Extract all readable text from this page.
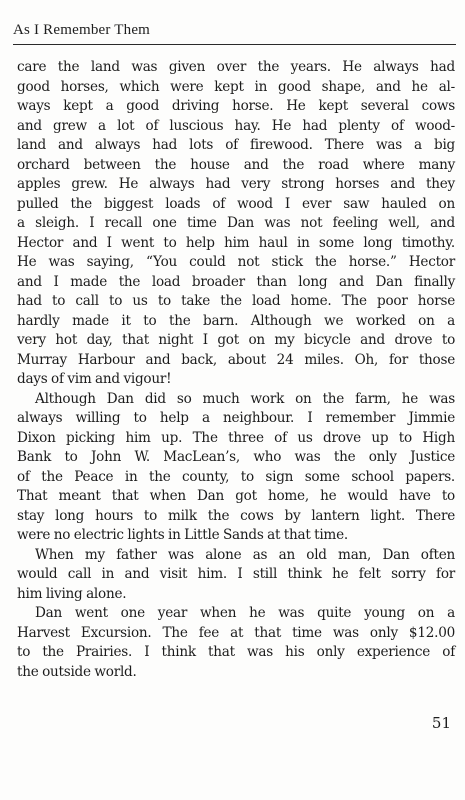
As I Remember Them
care the land was given over the years. He always had
good horses, which were kept in good shape, and he al-
ways kept a good driving horse. He kept several cows
and grew a lot of luscious hay. He had plenty of wood-
land and always had lots of firewood. There was a big
orchard between the house and the road where many
apples grew. He always had very strong horses and they
pulled the biggest loads of wood I ever saw hauled on
a sleigh. I recall one time Dan was not feeling well, and
Hector and I went to help him haul in some long timothy.
He was saying, “You could not stick the horse.” Hector
and I made the load broader than long and Dan finally
had to call to us to take the load home. The poor horse
hardly made it to the barn. Although we worked on a
very hot day, that night I got on my bicycle and drove to
Murray Harbour and back, about 24 miles. Oh, for those
days of vim and vigour!
Although Dan did so much work on the farm, he was
always willing to help a neighbour. I remember Jimmie
Dixon picking him up. The three of us drove up to High
Bank to John W. MacLean’s, who was the only Justice
of the Peace in the county, to sign some school papers.
That meant that when Dan got home, he would have to
stay long hours to milk the cows by lantern light. There
were no electric lights in Little Sands at that time.
When my father was alone as an old man, Dan often
would call in and visit him. I still think he felt sorry for
him living alone.
Dan went one year when he was quite young on a
Harvest Excursion. The fee at that time was only $12.00
to the Prairies. I think that was his only experience of
the outside world.
51
